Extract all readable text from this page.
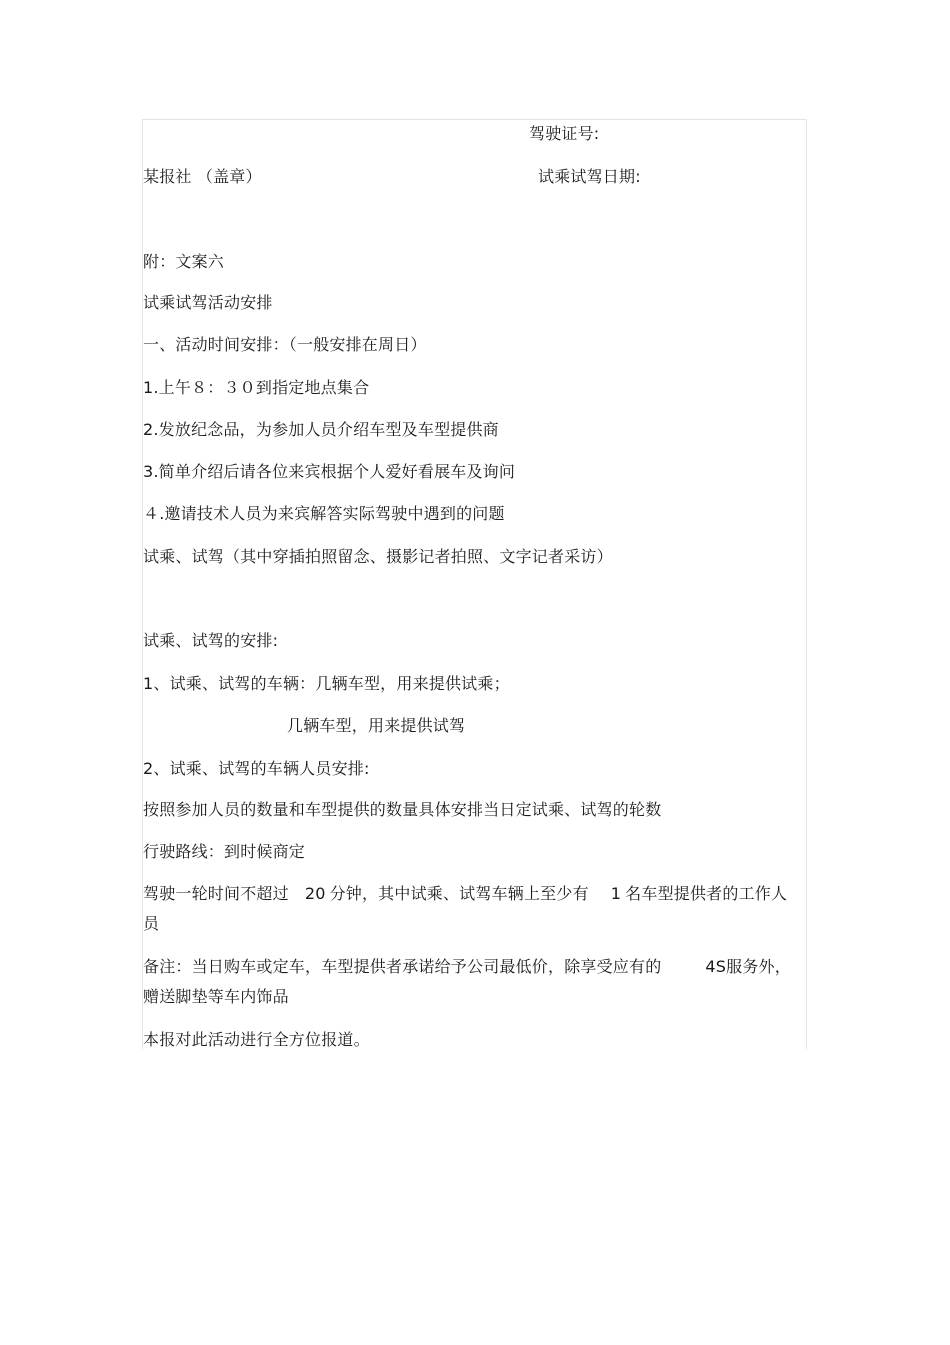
驾驶证号:
某报社 （盖章）	试乘试驾日期:
附：文案六
试乘试驾活动安排
一、活动时间安排：（一般安排在周日）
1.上午８：３０到指定地点集合
2.发放纪念品，为参加人员介绍车型及车型提供商
3.简单介绍后请各位来宾根据个人爱好看展车及询问
４.邀请技术人员为来宾解答实际驾驶中遇到的问题
试乘、试驾（其中穿插拍照留念、摄影记者拍照、文字记者采访）
试乘、试驾的安排:
1、试乘、试驾的车辆：几辆车型，用来提供试乘；
几辆车型，用来提供试驾
2、试乘、试驾的车辆人员安排:
按照参加人员的数量和车型提供的数量具体安排当日定试乘、试驾的轮数
行驶路线：到时候商定
驾驶一轮时间不超过 20 分钟，其中试乘、试驾车辆上至少有 1 名车型提供者的工作人员
备注：当日购车或定车，车型提供者承诺给予公司最低价，除享受应有的	4S服务外，赠送脚垫等车内饰品
本报对此活动进行全方位报道。
